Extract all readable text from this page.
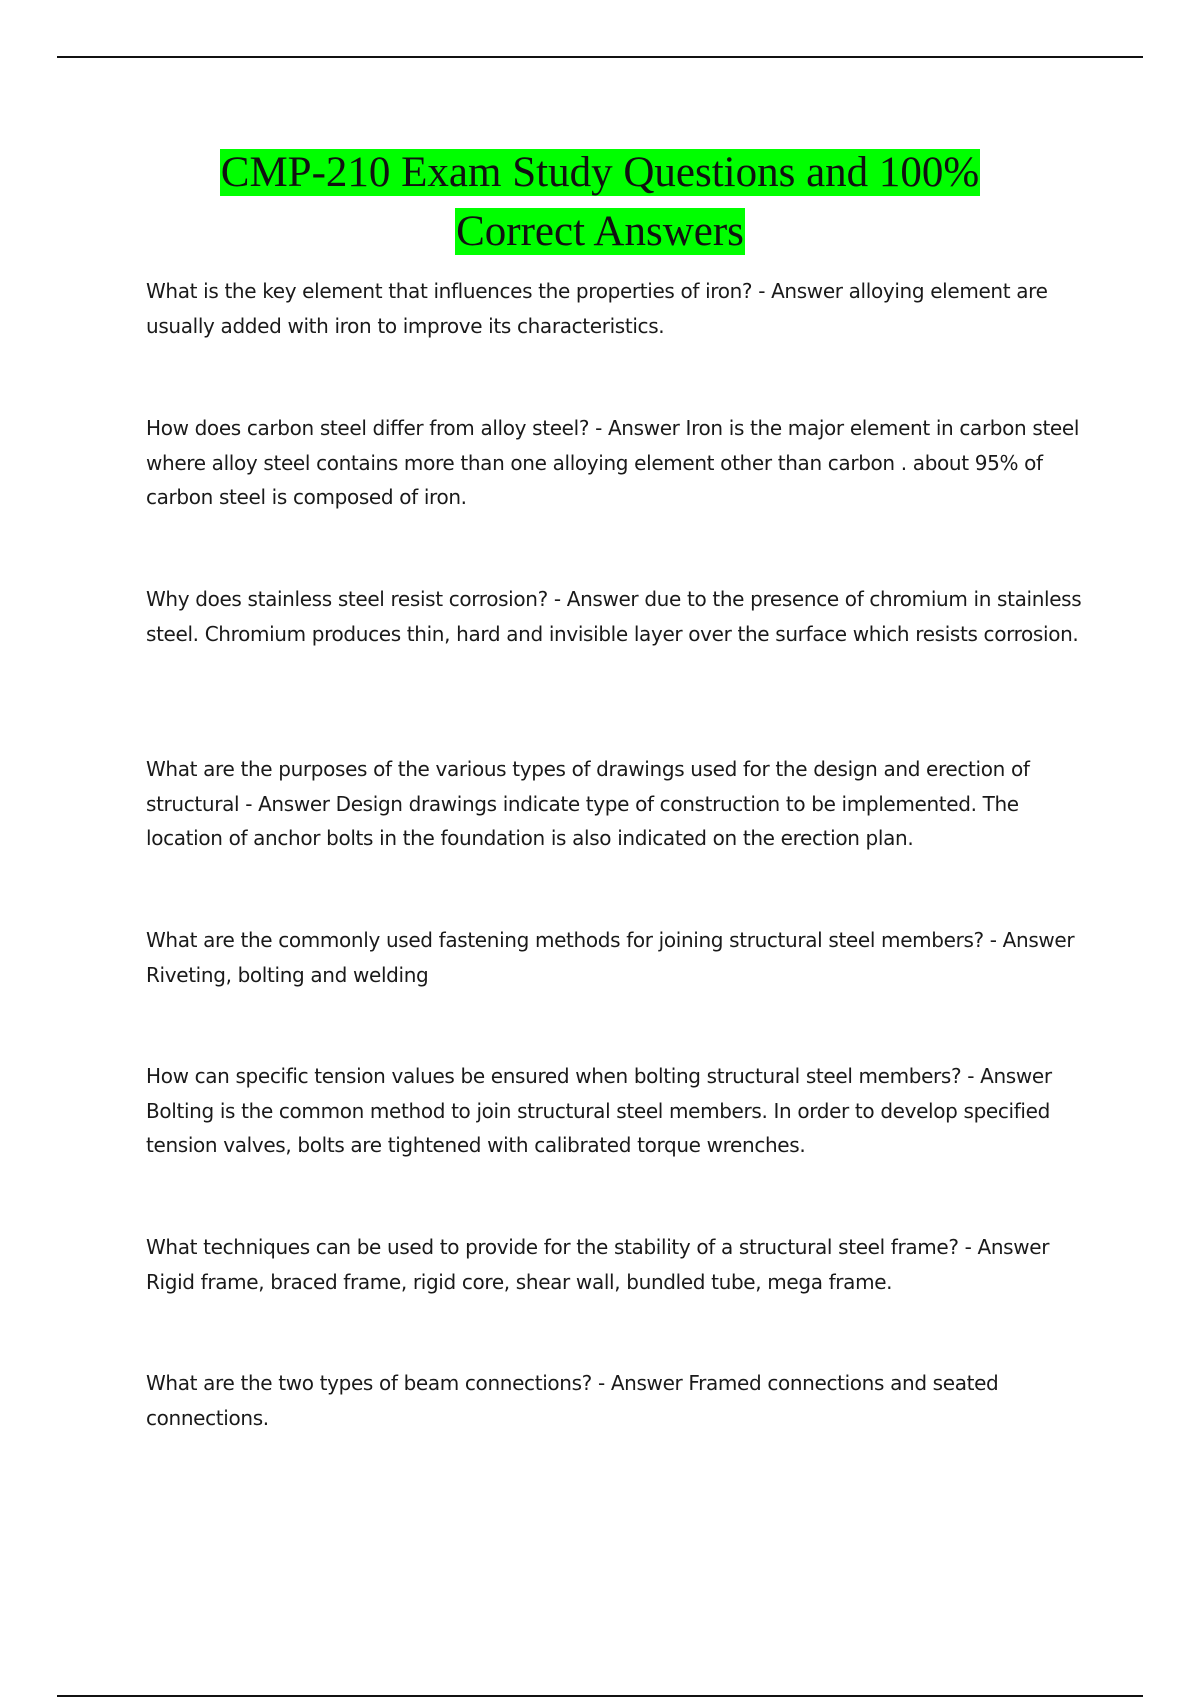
CMP-210 Exam Study Questions and 100%
Correct Answers

What is the key element that influences the properties of iron? - Answer alloying element are usually added with iron to improve its characteristics.

How does carbon steel differ from alloy steel? - Answer Iron is the major element in carbon steel where alloy steel contains more than one alloying element other than carbon . about 95% of carbon steel is composed of iron.

Why does stainless steel resist corrosion? - Answer due to the presence of chromium in stainless steel. Chromium produces thin, hard and invisible layer over the surface which resists corrosion.

What are the purposes of the various types of drawings used for the design and erection of structural - Answer Design drawings indicate type of construction to be implemented. The location of anchor bolts in the foundation is also indicated on the erection plan.

What are the commonly used fastening methods for joining structural steel members? - Answer Riveting, bolting and welding

How can specific tension values be ensured when bolting structural steel members? - Answer Bolting is the common method to join structural steel members. In order to develop specified tension valves, bolts are tightened with calibrated torque wrenches.

What techniques can be used to provide for the stability of a structural steel frame? - Answer Rigid frame, braced frame, rigid core, shear wall, bundled tube, mega frame.

What are the two types of beam connections? - Answer Framed connections and seated connections.
